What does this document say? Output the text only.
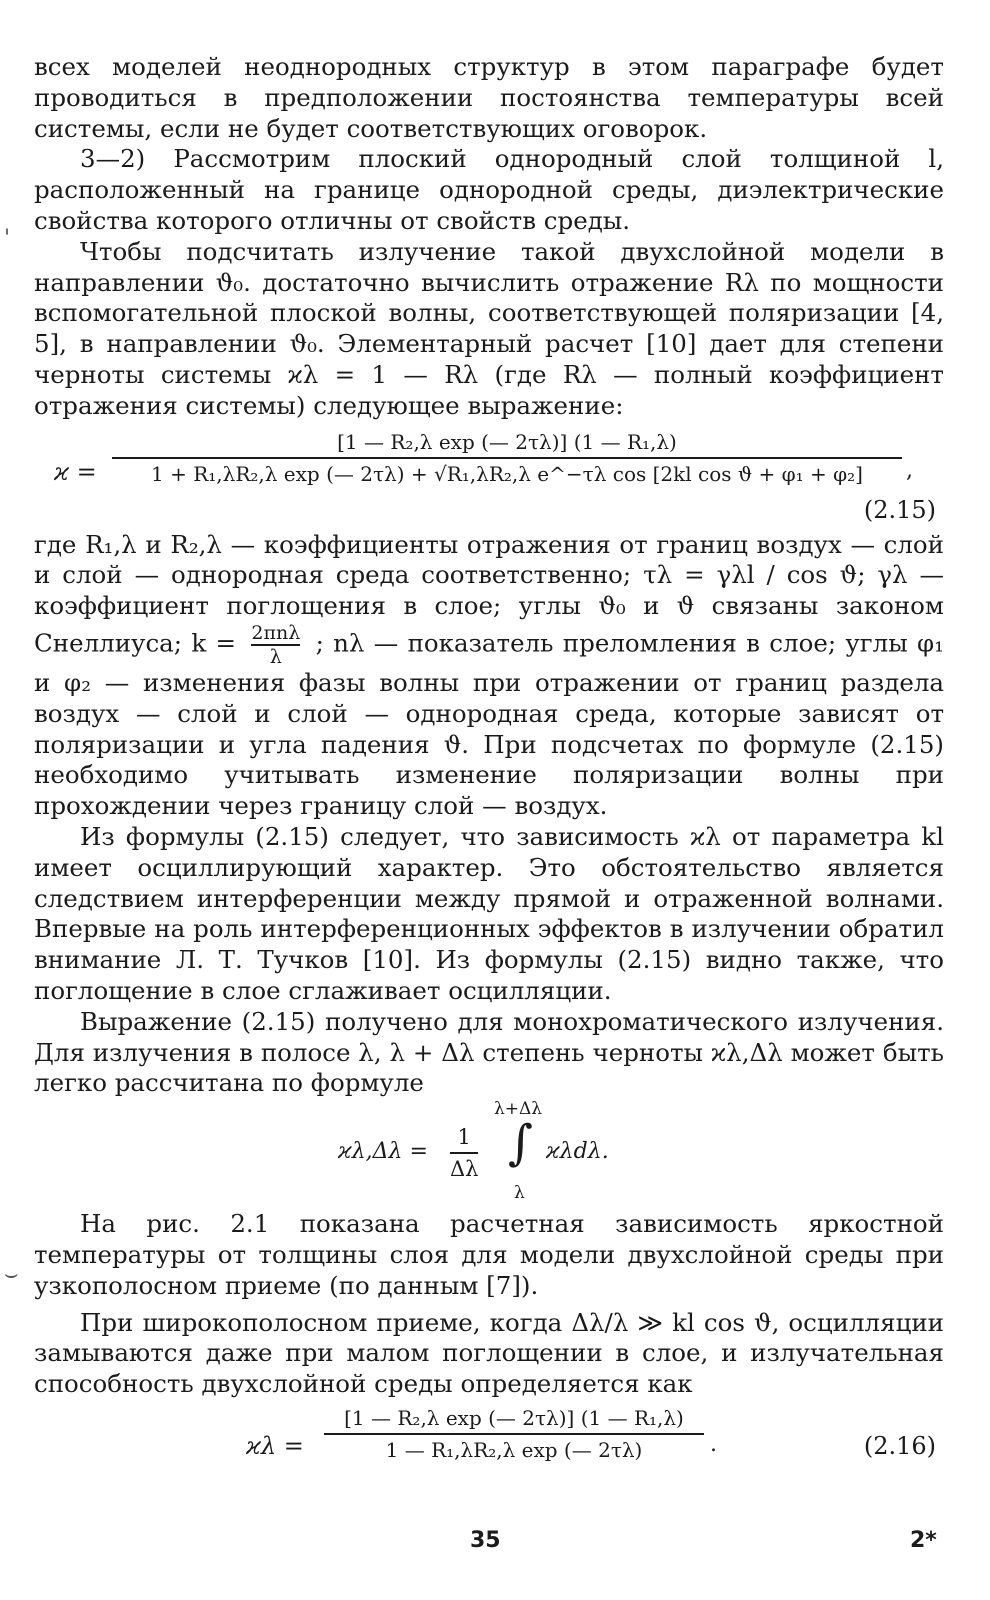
'
⌣

всех моделей неоднородных структур в этом параграфе будет проводиться в предположении постоянства температуры всей системы, если не будет соответствующих оговорок.

3—2) Рассмотрим плоский однородный слой толщиной l, расположенный на границе однородной среды, диэлектрические свойства которого отличны от свойств среды.

Чтобы подсчитать излучение такой двухслойной модели в направлении ϑ₀. достаточно вычислить отражение Rλ по мощности вспомогательной плоской волны, соответствующей поляризации [4, 5], в направлении ϑ₀. Элементарный расчет [10] дает для степени черноты системы ϰλ = 1 — Rλ (где Rλ — полный коэффициент отражения системы) следующее выражение:

ϰ =
[1 — R₂,λ exp (— 2τλ)] (1 — R₁,λ)
1 + R₁,λR₂,λ exp (— 2τλ) + √R₁,λR₂,λ e^−τλ cos [2kl cos ϑ + φ₁ + φ₂] ,
(2.15)

где R₁,λ и R₂,λ — коэффициенты отражения от границ воздух — слой и слой — однородная среда соответственно; τλ = γλl / cos ϑ; γλ — коэффициент поглощения в слое; углы ϑ₀ и ϑ связаны законом Снеллиуса; k = 2πnλ
λ ; nλ — показатель преломления в слое; углы φ₁ и φ₂ — изменения фазы волны при отражении от границ раздела воздух — слой и слой — однородная среда, которые зависят от поляризации и угла падения ϑ. При подсчетах по формуле (2.15) необходимо учитывать изменение поляризации волны при прохождении через границу слой — воздух.

Из формулы (2.15) следует, что зависимость ϰλ от параметра kl имеет осциллирующий характер. Это обстоятельство является следствием интерференции между прямой и отраженной волнами. Впервые на роль интерференционных эффектов в излучении обратил внимание Л. Т. Тучков [10]. Из формулы (2.15) видно также, что поглощение в слое сглаживает осцилляции.

Выражение (2.15) получено для монохроматического излучения. Для излучения в полосе λ, λ + Δλ степень черноты ϰλ,Δλ может быть легко рассчитана по формуле

ϰλ,Δλ =
1
Δλ
λ+Δλ
∫
λ
ϰλdλ.

На рис. 2.1 показана расчетная зависимость яркостной температуры от толщины слоя для модели двухслойной среды при узкополосном приеме (по данным [7]).

При широкополосном приеме, когда Δλ/λ ≫ kl cos ϑ, осцилляции замываются даже при малом поглощении в слое, и излучательная способность двухслойной среды определяется как

ϰλ =
[1 — R₂,λ exp (— 2τλ)] (1 — R₁,λ)
1 — R₁,λR₂,λ exp (— 2τλ)	.	(2.16)
35	2*
